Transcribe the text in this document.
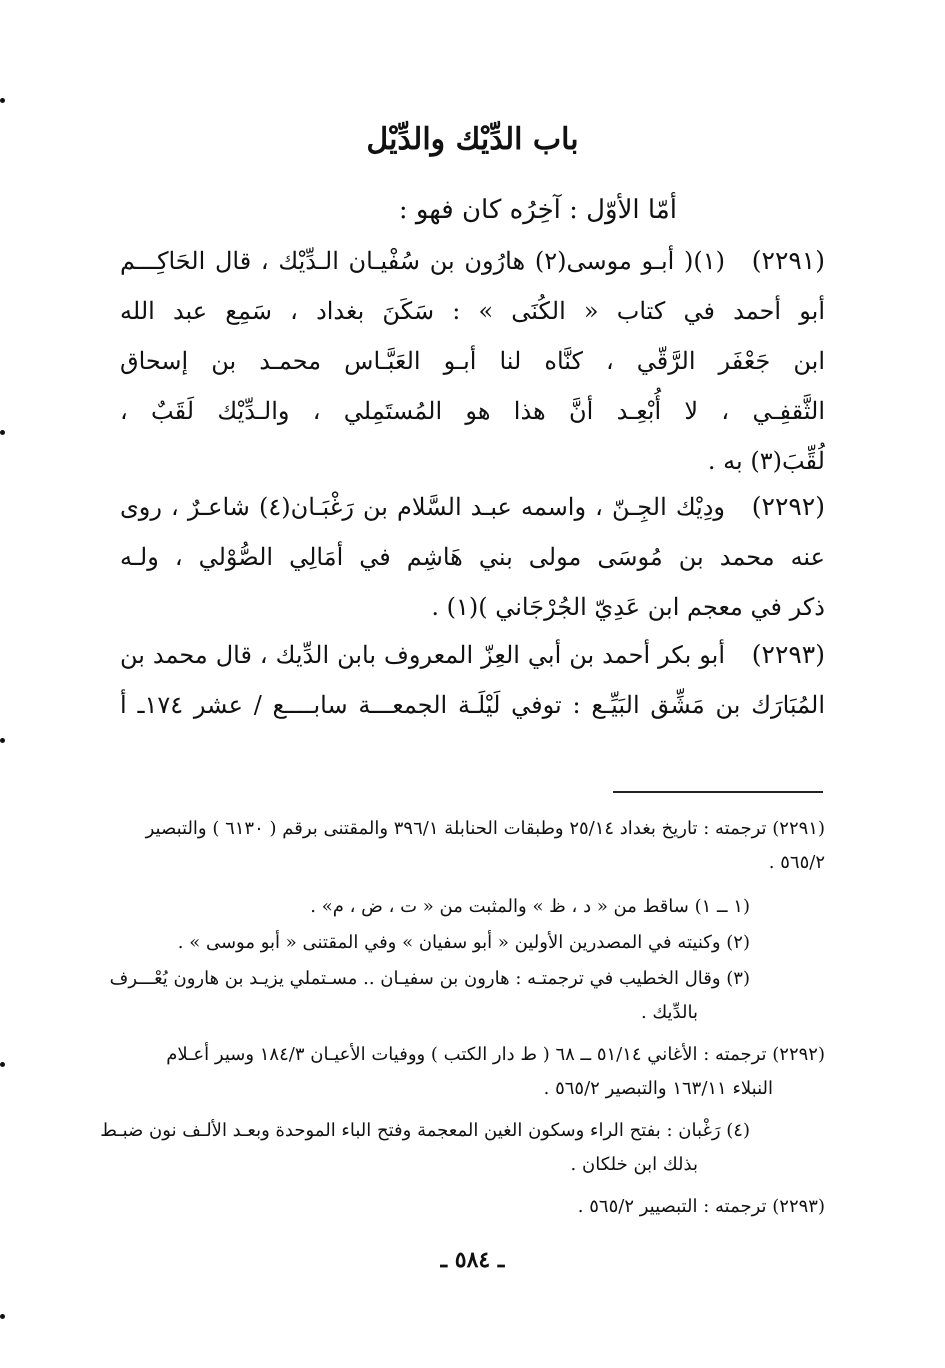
باب الدِّيْك والدِّيْل
أمّا الأوّل : آخِرُه كان فهو :
(٢٢٩١)
(١)( أبـو موسى(٢) هارُون بن سُفْيـان الـدِّيْك ، قال الحَاكِـــم
أبو أحمد في كتاب « الكُنَى » : سَكَنَ بغداد ، سَمِع عبد الله
ابن جَعْفَر الرَّقّي ، كنَّاه لنا أبـو العَبَّـاس محمـد بن إسحاق
الثَّقفِـي ، لا أُبْعِـد أنَّ هذا هو المُستَمِلي ، والـدِّيْك لَقَبٌ ،
لُقِّبَ(٣) به .
(٢٢٩٢)
ودِيْك الجِـنّ ، واسمه عبـد السَّلام بن رَغْبَـان(٤) شاعـرٌ ، روى
عنه محمد بن مُوسَى مولى بني هَاشِم في أمَالِي الصُّوْلي ، ولـه
ذكر في معجم ابن عَدِيّ الجُرْجَاني )(١) .
(٢٢٩٣)
أبو بكر أحمد بن أبي العِزّ المعروف بابن الدِّيك ، قال محمد بن
المُبَارَك بن مَشِّق البَيِّـع : توفي لَيْلَـة الجمعـــة سابــــع / عشر ١٧٤ـ أ
(٢٢٩١) ترجمته : تاريخ بغداد ٢٥/١٤ وطبقات الحنابلة ٣٩٦/١ والمقتنى برقم ( ٦١٣٠ ) والتبصير
٥٦٥/٢ .
(١ ــ ١) ساقط من « د ، ظ » والمثبت من « ت ، ض ، م» .
(٢) وكنيته في المصدرين الأولين « أبو سفيان » وفي المقتنى « أبو موسى » .
(٣) وقال الخطيب في ترجمتـه : هارون بن سفيـان .. مسـتملي يزيـد بن هارون يُعْـــرف
بالدِّيك .
(٢٢٩٢) ترجمته : الأغاني ٥١/١٤ ــ ٦٨ ( ط دار الكتب ) ووفيات الأعيـان ١٨٤/٣ وسير أعـلام
النبلاء ١٦٣/١١ والتبصير ٥٦٥/٢ .
(٤) رَغْبان : بفتح الراء وسكون الغين المعجمة وفتح الباء الموحدة وبعـد الألـف نون ضبـط
بذلك ابن خلكان .
(٢٢٩٣) ترجمته : التبصيير ٥٦٥/٢ .
ـ ٥٨٤ ـ
